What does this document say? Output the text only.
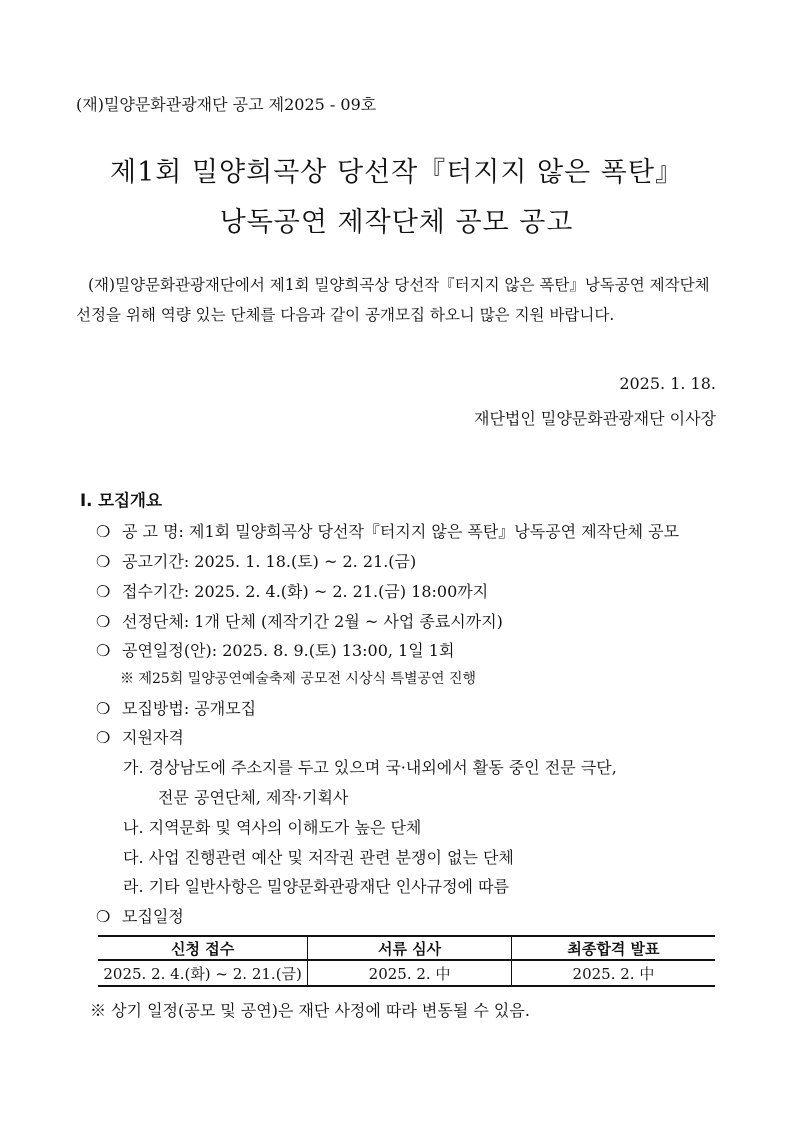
(재)밀양문화관광재단 공고 제2025 - 09호
제1회 밀양희곡상 당선작『터지지 않은 폭탄』
낭독공연 제작단체 공모 공고
(재)밀양문화관광재단에서 제1회 밀양희곡상 당선작『터지지 않은 폭탄』낭독공연 제작단체
선정을 위해 역량 있는 단체를 다음과 같이 공개모집 하오니 많은 지원 바랍니다.
2025. 1. 18.
재단법인 밀양문화관광재단 이사장
Ⅰ. 모집개요
❍ 공 고 명: 제1회 밀양희곡상 당선작『터지지 않은 폭탄』낭독공연 제작단체 공모
❍ 공고기간: 2025. 1. 18.(토) ~ 2. 21.(금)
❍ 접수기간: 2025. 2. 4.(화) ~ 2. 21.(금) 18:00까지
❍ 선정단체: 1개 단체 (제작기간 2월 ~ 사업 종료시까지)
❍ 공연일정(안): 2025. 8. 9.(토) 13:00, 1일 1회
※ 제25회 밀양공연예술축제 공모전 시상식 특별공연 진행
❍ 모집방법: 공개모집
❍ 지원자격
가. 경상남도에 주소지를 두고 있으며 국·내외에서 활동 중인 전문 극단,
전문 공연단체, 제작·기획사
나. 지역문화 및 역사의 이해도가 높은 단체
다. 사업 진행관련 예산 및 저작권 관련 분쟁이 없는 단체
라. 기타 일반사항은 밀양문화관광재단 인사규정에 따름
❍ 모집일정
신청 접수	서류 심사	최종합격 발표
2025. 2. 4.(화) ~ 2. 21.(금)	2025. 2. 中	2025. 2. 中
※ 상기 일정(공모 및 공연)은 재단 사정에 따라 변동될 수 있음.
